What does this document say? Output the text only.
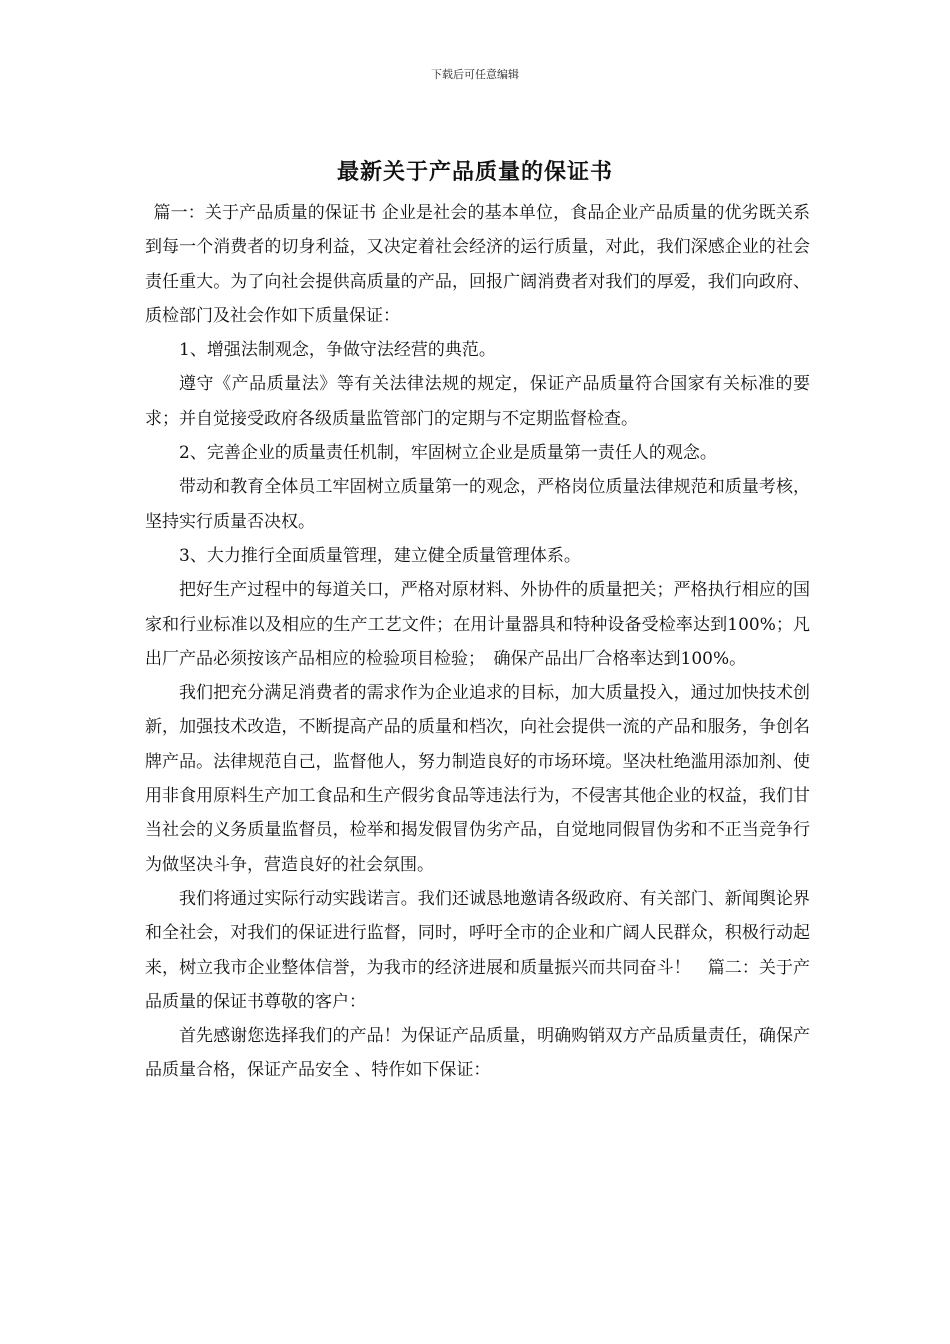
下载后可任意编辑
最新关于产品质量的保证书

篇一：关于产品质量的保证书 企业是社会的基本单位，食品企业产品质量的优劣既关系到每一个消费者的切身利益，又决定着社会经济的运行质量，对此，我们深感企业的社会责任重大。为了向社会提供高质量的产品，回报广阔消费者对我们的厚爱，我们向政府、质检部门及社会作如下质量保证：

1、增强法制观念，争做守法经营的典范。

遵守《产品质量法》等有关法律法规的规定，保证产品质量符合国家有关标准的要求；并自觉接受政府各级质量监管部门的定期与不定期监督检查。

2、完善企业的质量责任机制，牢固树立企业是质量第一责任人的观念。

带动和教育全体员工牢固树立质量第一的观念，严格岗位质量法律规范和质量考核，坚持实行质量否决权。

3、大力推行全面质量管理，建立健全质量管理体系。

把好生产过程中的每道关口，严格对原材料、外协件的质量把关；严格执行相应的国家和行业标准以及相应的生产工艺文件；在用计量器具和特种设备受检率达到100%；凡出厂产品必须按该产品相应的检验项目检验；　确保产品出厂合格率达到100%。

我们把充分满足消费者的需求作为企业追求的目标，加大质量投入，通过加快技术创新，加强技术改造，不断提高产品的质量和档次，向社会提供一流的产品和服务，争创名牌产品。法律规范自己，监督他人，努力制造良好的市场环境。坚决杜绝滥用添加剂、使用非食用原料生产加工食品和生产假劣食品等违法行为，不侵害其他企业的权益，我们甘当社会的义务质量监督员，检举和揭发假冒伪劣产品，自觉地同假冒伪劣和不正当竞争行为做坚决斗争，营造良好的社会氛围。

我们将通过实际行动实践诺言。我们还诚恳地邀请各级政府、有关部门、新闻舆论界和全社会，对我们的保证进行监督，同时，呼吁全市的企业和广阔人民群众，积极行动起来，树立我市企业整体信誉，为我市的经济进展和质量振兴而共同奋斗！　篇二：关于产品质量的保证书尊敬的客户：

首先感谢您选择我们的产品！为保证产品质量，明确购销双方产品质量责任，确保产品质量合格，保证产品安全 、特作如下保证：
